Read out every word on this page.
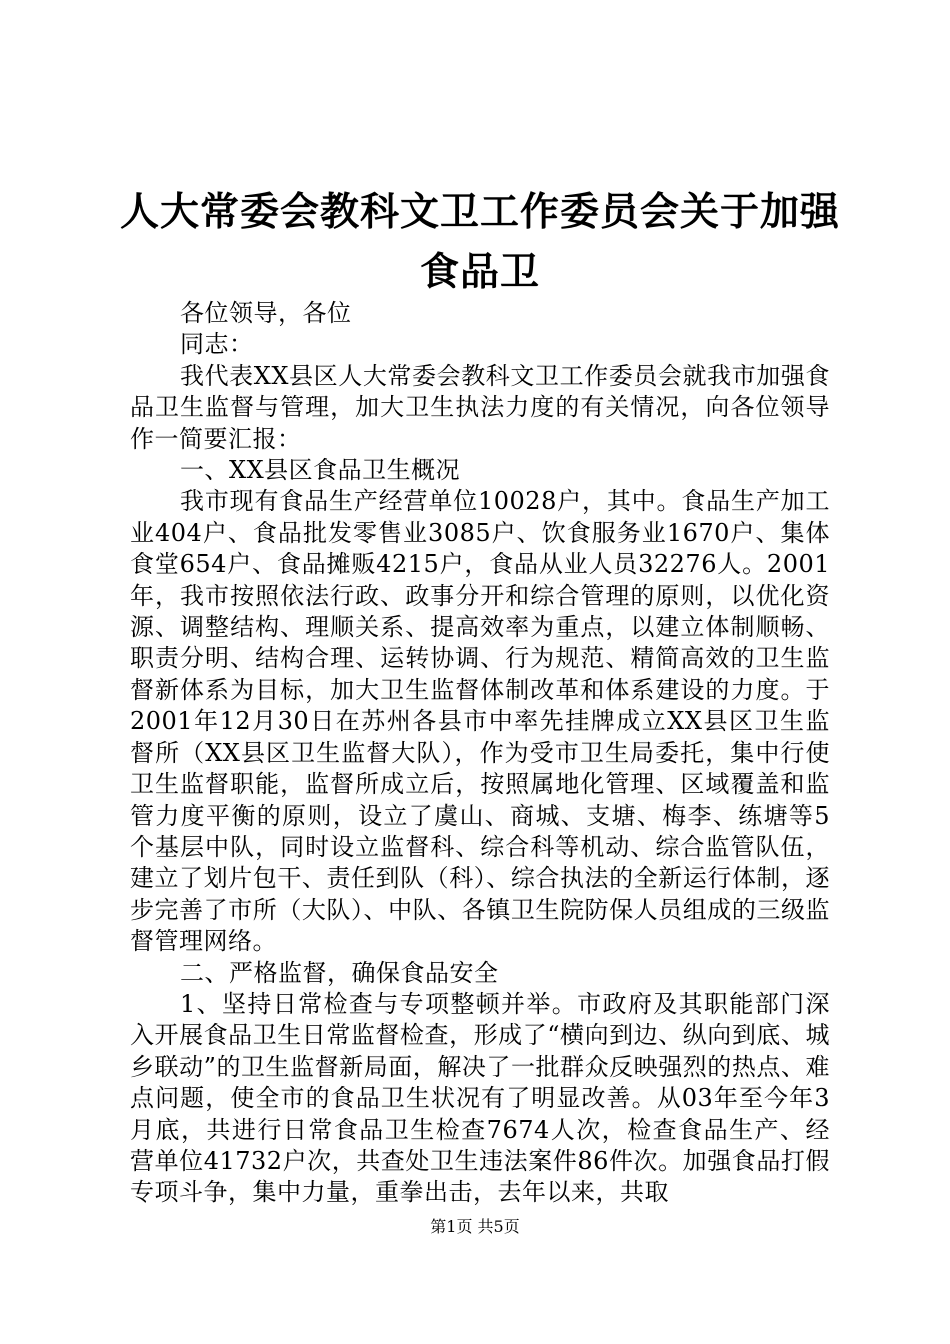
人大常委会教科文卫工作委员会关于加强食品卫

各位领导，各位

同志：

我代表XX县区人大常委会教科文卫工作委员会就我市加强食品卫生监督与管理，加大卫生执法力度的有关情况，向各位领导作一简要汇报：

一、XX县区食品卫生概况

我市现有食品生产经营单位10028户，其中。食品生产加工业404户、食品批发零售业3085户、饮食服务业1670户、集体食堂654户、食品摊贩4215户，食品从业人员32276人。2001年，我市按照依法行政、政事分开和综合管理的原则，以优化资源、调整结构、理顺关系、提高效率为重点，以建立体制顺畅、职责分明、结构合理、运转协调、行为规范、精简高效的卫生监督新体系为目标，加大卫生监督体制改革和体系建设的力度。于2001年12月30日在苏州各县市中率先挂牌成立XX县区卫生监督所（XX县区卫生监督大队），作为受市卫生局委托，集中行使卫生监督职能，监督所成立后，按照属地化管理、区域覆盖和监管力度平衡的原则，设立了虞山、商城、支塘、梅李、练塘等5个基层中队，同时设立监督科、综合科等机动、综合监管队伍，建立了划片包干、责任到队（科）、综合执法的全新运行体制，逐步完善了市所（大队）、中队、各镇卫生院防保人员组成的三级监督管理网络。

二、严格监督，确保食品安全

1、坚持日常检查与专项整顿并举。市政府及其职能部门深入开展食品卫生日常监督检查，形成了“横向到边、纵向到底、城乡联动”的卫生监督新局面，解决了一批群众反映强烈的热点、难点问题，使全市的食品卫生状况有了明显改善。从03年至今年3月底，共进行日常食品卫生检查7674人次，检查食品生产、经营单位41732户次，共查处卫生违法案件86件次。加强食品打假专项斗争，集中力量，重拳出击，去年以来，共取

第1页 共5页
